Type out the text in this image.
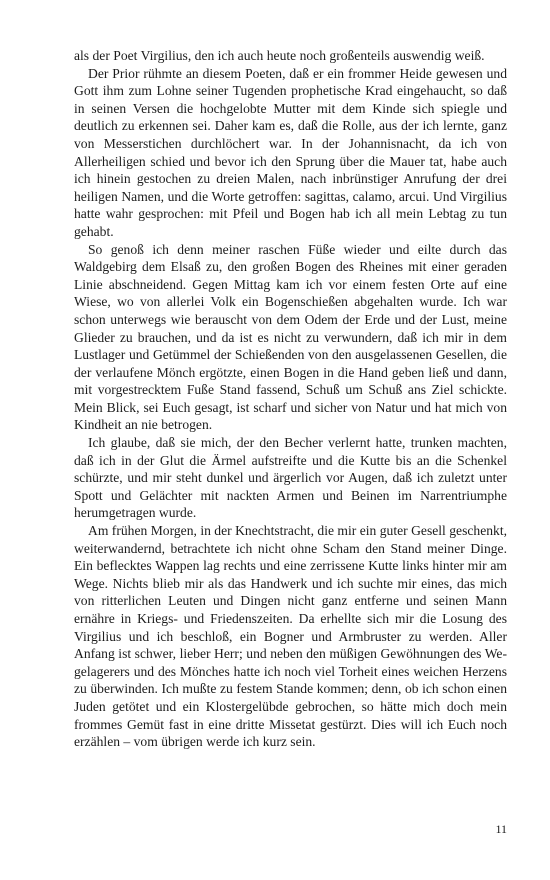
als der Poet Virgilius, den ich auch heute noch großenteils auswendig weiß.

Der Prior rühmte an diesem Poeten, daß er ein frommer Heide gewesen und Gott ihm zum Lohne seiner Tugenden prophetische Krad eingehaucht, so daß in seinen Versen die hochgelobte Mutter mit dem Kinde sich spiegle und deutlich zu erkennen sei. Daher kam es, daß die Rolle, aus der ich lernte, ganz von Messerstichen durchlöchert war. In der Johannisnacht, da ich von Allerheiligen schied und bevor ich den Sprung über die Mauer tat, habe auch ich hinein gestochen zu dreien Malen, nach inbrünstiger Anrufung der drei heiligen Namen, und die Worte getroffen: sagittas, calamo, arcui. Und Virgilius hatte wahr gesprochen: mit Pfeil und Bogen hab ich all mein Lebtag zu tun gehabt.

So genoß ich denn meiner raschen Füße wieder und eilte durch das Waldgebirg dem Elsaß zu, den großen Bogen des Rheines mit einer geraden Linie abschneidend. Gegen Mittag kam ich vor einem festen Orte auf eine Wiese, wo von allerlei Volk ein Bogenschießen abgehalten wurde. Ich war schon unterwegs wie berauscht von dem Odem der Erde und der Lust, meine Glieder zu brauchen, und da ist es nicht zu verwundern, daß ich mir in dem Lustlager und Getümmel der Schießenden von den ausgelassenen Gesellen, die der verlaufene Mönch ergötzte, einen Bogen in die Hand geben ließ und dann, mit vorgestrecktem Fuße Stand fassend, Schuß um Schuß ans Ziel schickte. Mein Blick, sei Euch gesagt, ist scharf und sicher von Natur und hat mich von Kindheit an nie betrogen.

Ich glaube, daß sie mich, der den Becher verlernt hatte, trunken machten, daß ich in der Glut die Ärmel aufstreifte und die Kutte bis an die Schenkel schürzte, und mir steht dunkel und ärgerlich vor Augen, daß ich zuletzt unter Spott und Gelächter mit nackten Armen und Beinen im Narrentriumphe herumgetragen wurde.

Am frühen Morgen, in der Knechtstracht, die mir ein guter Gesell geschenkt, weiterwandernd, betrachtete ich nicht ohne Scham den Stand meiner Dinge. Ein beflecktes Wappen lag rechts und eine zerrissene Kutte links hinter mir am Wege. Nichts blieb mir als das Handwerk und ich suchte mir eines, das mich von ritterlichen Leuten und Dingen nicht ganz entferne und seinen Mann ernähre in Kriegs- und Friedenszeiten. Da erhellte sich mir die Losung des Virgilius und ich beschloß, ein Bogner und Armbruster zu werden. Aller Anfang ist schwer, lieber Herr; und neben den müßigen Gewöhnungen des Wegelagerers und des Mönches hatte ich noch viel Torheit eines weichen Herzens zu überwinden. Ich mußte zu festem Stande kommen; denn, ob ich schon einen Juden getötet und ein Klostergelübde gebrochen, so hätte mich doch mein frommes Gemüt fast in eine dritte Missetat gestürzt. Dies will ich Euch noch erzählen – vom übrigen werde ich kurz sein.

11
